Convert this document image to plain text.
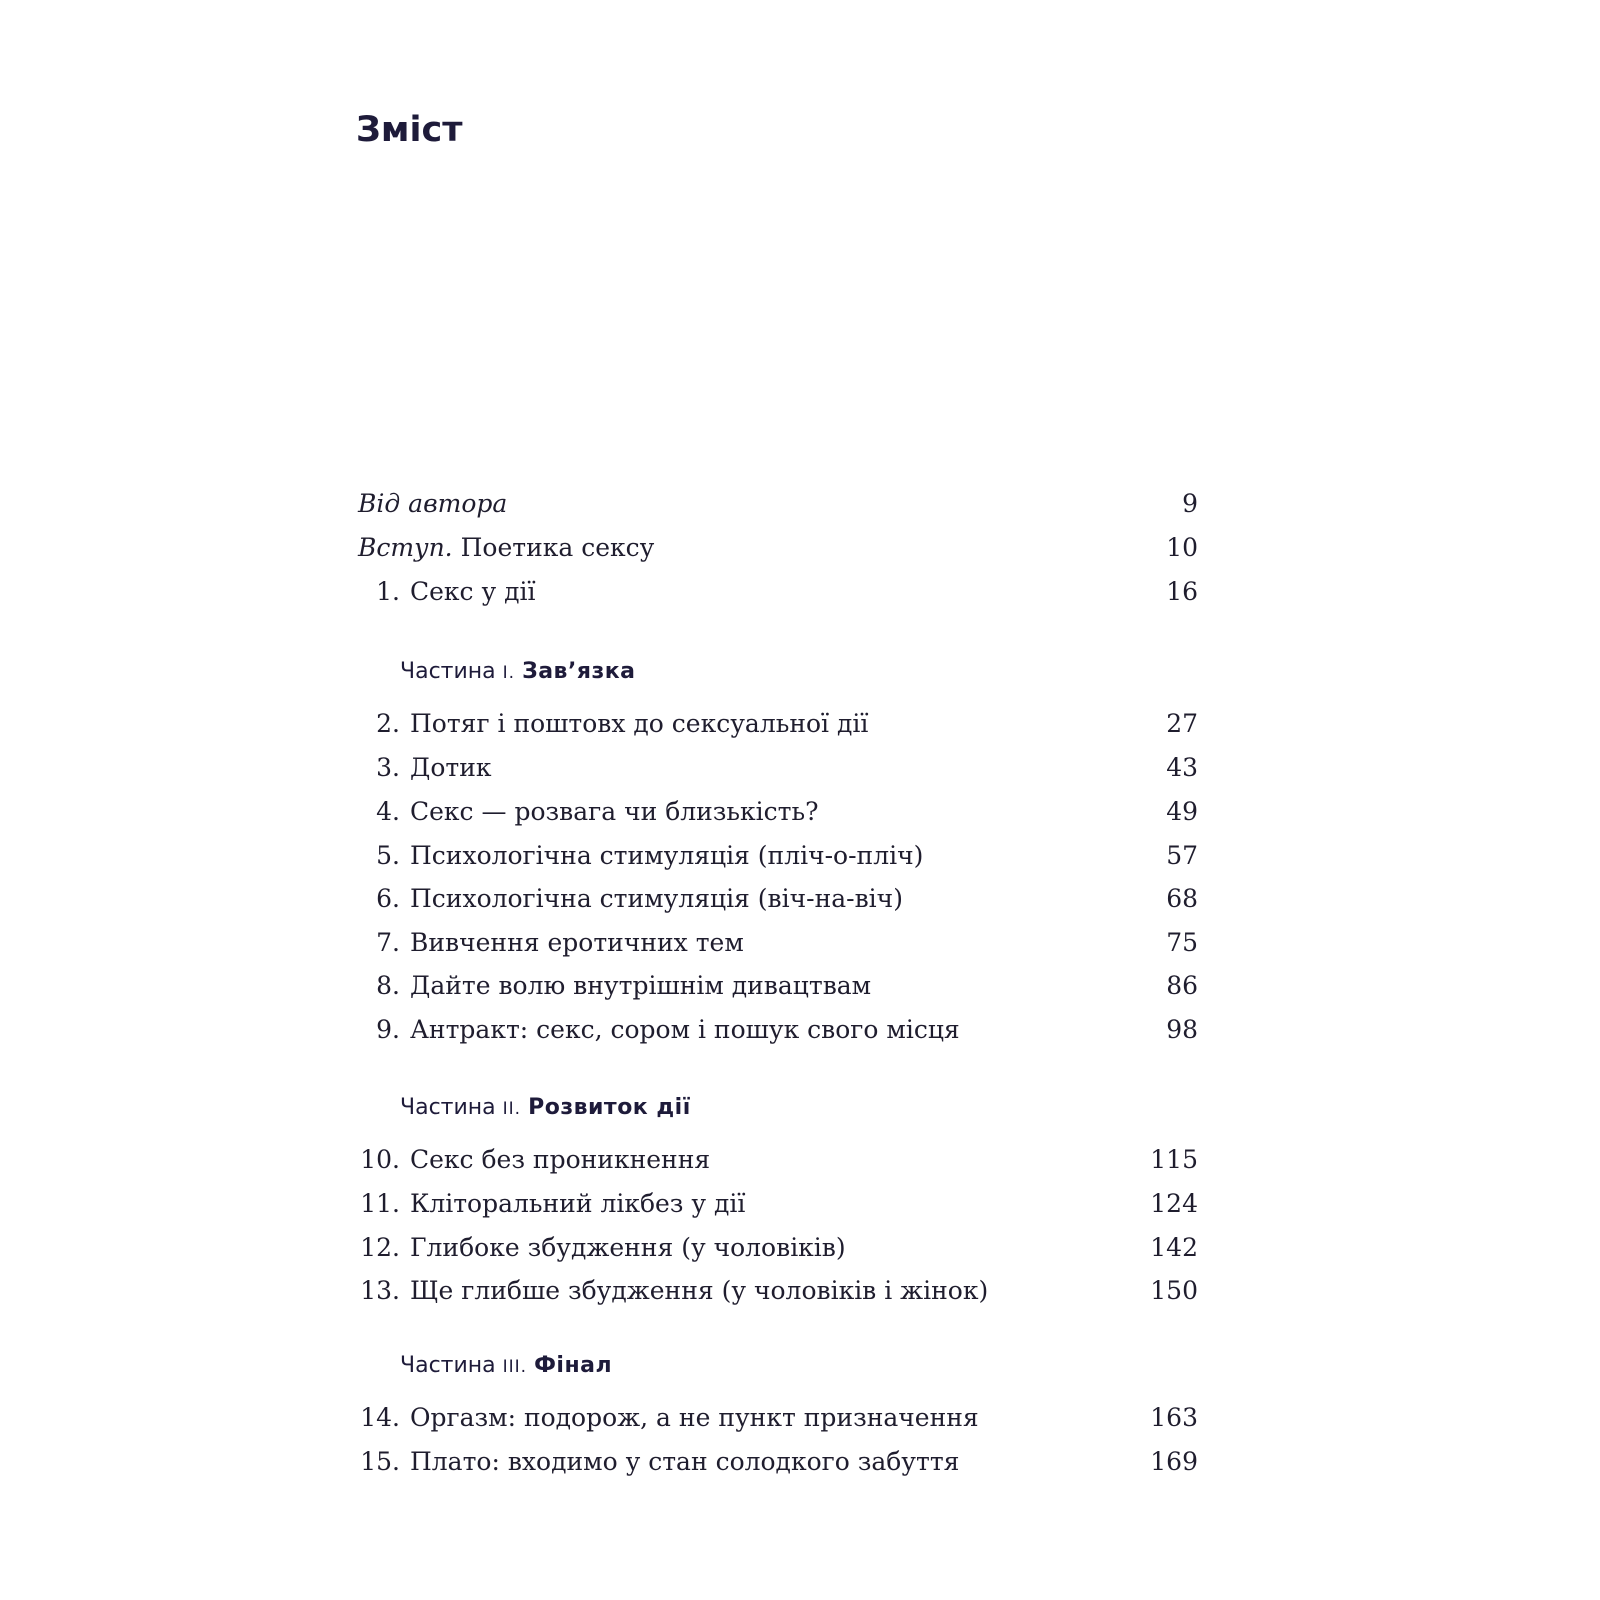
Зміст
Від автора	9
Вступ. Поетика сексу	10
1. Секс у дії	16
Частина I. Зав’язка
2. Потяг і поштовх до сексуальної дії	27
3. Дотик	43
4. Секс — розвага чи близькість?	49
5. Психологічна стимуляція (пліч-о-пліч)	57
6. Психологічна стимуляція (віч-на-віч)	68
7. Вивчення еротичних тем	75
8. Дайте волю внутрішнім дивацтвам	86
9. Антракт: секс, сором і пошук свого місця	98
Частина II. Розвиток дії
10. Секс без проникнення	115
11. Кліторальний лікбез у дії	124
12. Глибоке збудження (у чоловіків)	142
13. Ще глибше збудження (у чоловіків і жінок)	150
Частина III. Фінал
14. Оргазм: подорож, а не пункт призначення	163
15. Плато: входимо у стан солодкого забуття	169
